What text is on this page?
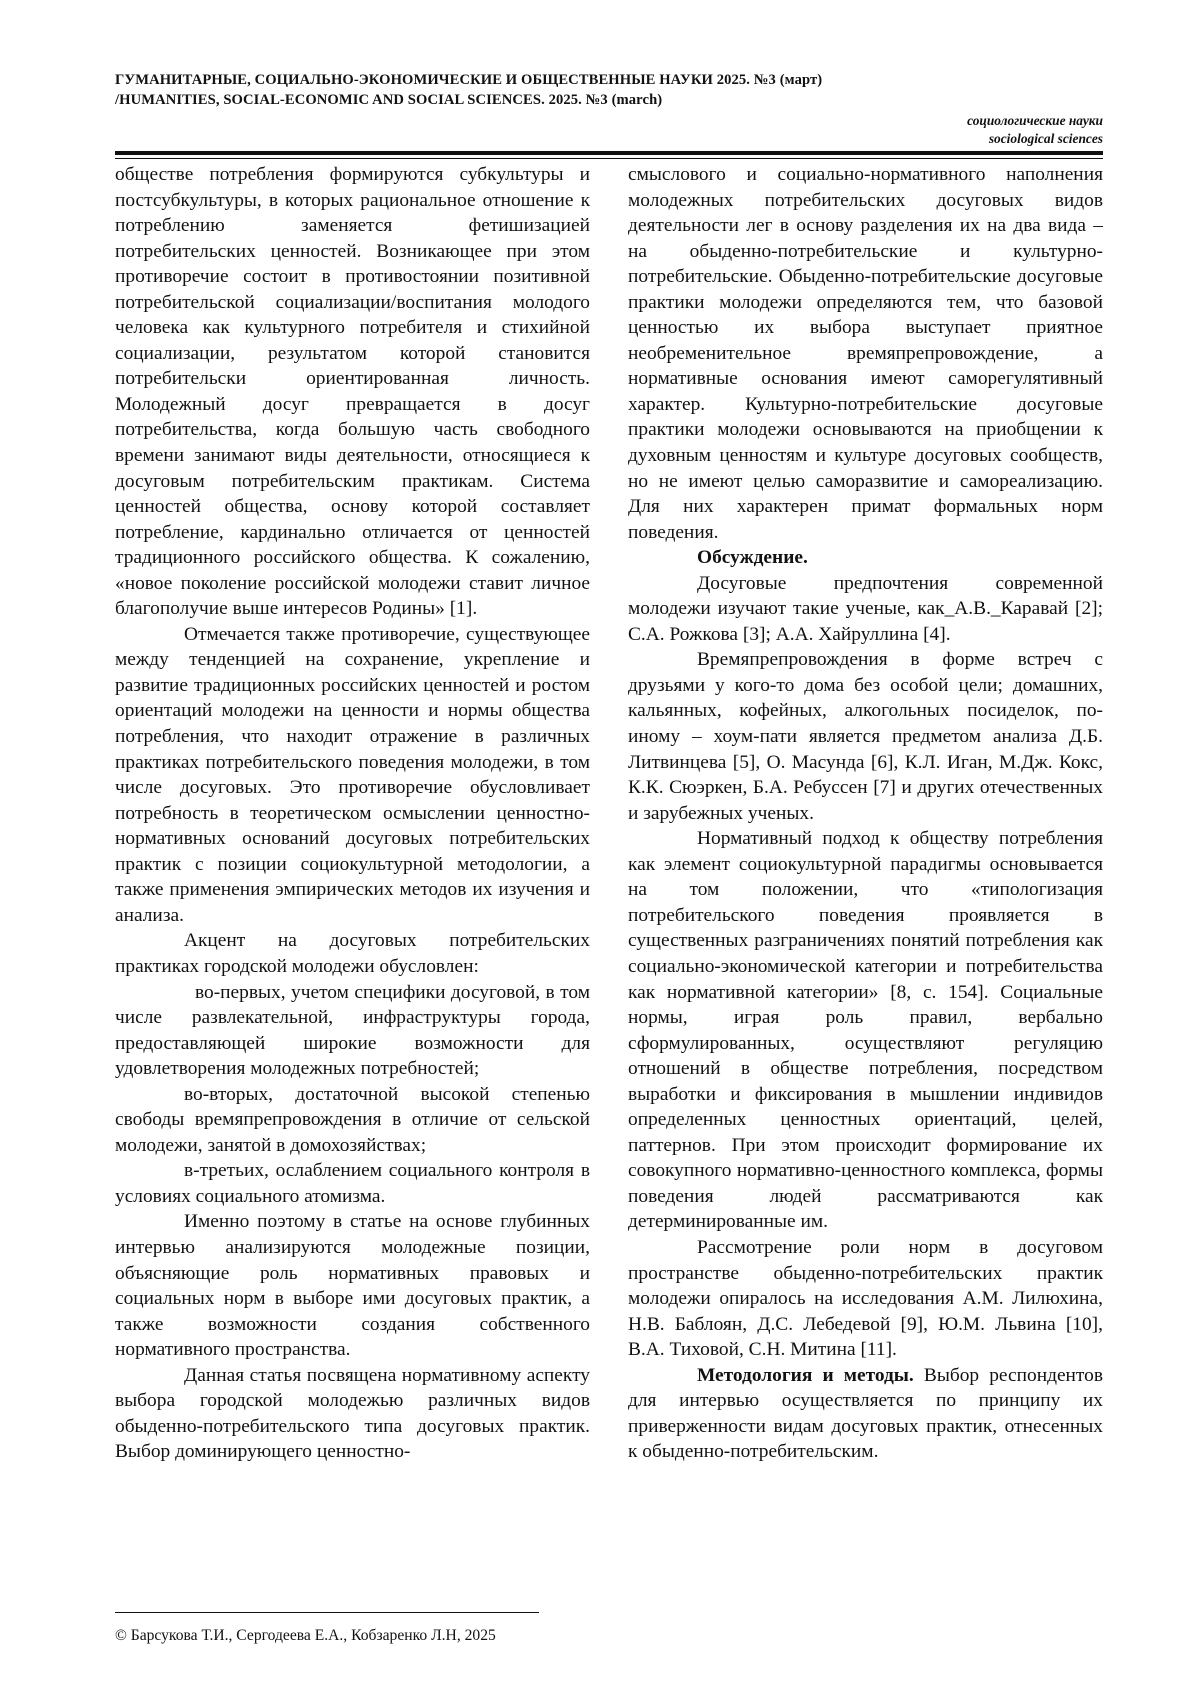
ГУМАНИТАРНЫЕ, СОЦИАЛЬНО-ЭКОНОМИЧЕСКИЕ И ОБЩЕСТВЕННЫЕ НАУКИ 2025. №3 (март)
/HUMANITIES, SOCIAL-ECONOMIC AND SOCIAL SCIENCES. 2025. №3 (march)
социологические науки
sociological sciences

обществе потребления формируются субкультуры и постсубкультуры, в которых рациональное отношение к потреблению заменяется фетишизацией потребительских ценностей. Возникающее при этом противоречие состоит в противостоянии позитивной потребительской социализации/воспитания молодого человека как культурного потребителя и стихийной социализации, результатом которой становится потребительски ориентированная личность. Молодежный досуг превращается в досуг потребительства, когда большую часть свободного времени занимают виды деятельности, относящиеся к досуговым потребительским практикам. Система ценностей общества, основу которой составляет потребление, кардинально отличается от ценностей традиционного российского общества. К сожалению, «новое поколение российской молодежи ставит личное благополучие выше интересов Родины» [1].

Отмечается также противоречие, существующее между тенденцией на сохранение, укрепление и развитие традиционных российских ценностей и ростом ориентаций молодежи на ценности и нормы общества потребления, что находит отражение в различных практиках потребительского поведения молодежи, в том числе досуговых. Это противоречие обусловливает потребность в теоретическом осмыслении ценностно-нормативных оснований досуговых потребительских практик с позиции социокультурной методологии, а также применения эмпирических методов их изучения и анализа.

Акцент на досуговых потребительских практиках городской молодежи обусловлен:

во-первых, учетом специфики досуговой, в том числе развлекательной, инфраструктуры города, предоставляющей широкие возможности для удовлетворения молодежных потребностей;

во-вторых, достаточной высокой степенью свободы времяпрепровождения в отличие от сельской молодежи, занятой в домохозяйствах;

в-третьих, ослаблением социального контроля в условиях социального атомизма.

Именно поэтому в статье на основе глубинных интервью анализируются молодежные позиции, объясняющие роль нормативных правовых и социальных норм в выборе ими досуговых практик, а также возможности создания собственного нормативного пространства.

Данная статья посвящена нормативному аспекту выбора городской молодежью различных видов обыденно-потребительского типа досуговых практик. Выбор доминирующего ценностно-

смыслового и социально-нормативного наполнения молодежных потребительских досуговых видов деятельности лег в основу разделения их на два вида – на обыденно-потребительские и культурно-потребительские. Обыденно-потребительские досуговые практики молодежи определяются тем, что базовой ценностью их выбора выступает приятное необременительное времяпрепровождение, а нормативные основания имеют саморегулятивный характер. Культурно-потребительские досуговые практики молодежи основываются на приобщении к духовным ценностям и культуре досуговых сообществ, но не имеют целью саморазвитие и самореализацию. Для них характерен примат формальных норм поведения.

Обсуждение.

Досуговые предпочтения современной молодежи изучают такие ученые, как_А.В._Каравай [2]; С.А. Рожкова [3]; А.А. Хайруллина [4].

Времяпрепровождения в форме встреч с друзьями у кого-то дома без особой цели; домашних, кальянных, кофейных, алкогольных посиделок, по-иному – хоум-пати является предметом анализа Д.Б. Литвинцева [5], О. Масунда [6], К.Л. Иган, М.Дж. Кокс, К.К. Сюэркен, Б.А. Ребуссен [7] и других отечественных и зарубежных ученых.

Нормативный подход к обществу потребления как элемент социокультурной парадигмы основывается на том положении, что «типологизация потребительского поведения проявляется в существенных разграничениях понятий потребления как социально-экономической категории и потребительства как нормативной категории» [8, с. 154]. Социальные нормы, играя роль правил, вербально сформулированных, осуществляют регуляцию отношений в обществе потребления, посредством выработки и фиксирования в мышлении индивидов определенных ценностных ориентаций, целей, паттернов. При этом происходит формирование их совокупного нормативно-ценностного комплекса, формы поведения людей рассматриваются как детерминированные им.

Рассмотрение роли норм в досуговом пространстве обыденно-потребительских практик молодежи опиралось на исследования А.М. Лилюхина, Н.В. Баблоян, Д.С. Лебедевой [9], Ю.М. Львина [10], В.А. Тиховой, С.Н. Митина [11].

Методология и методы. Выбор респондентов для интервью осуществляется по принципу их приверженности видам досуговых практик, отнесенных к обыденно-потребительским.

© Барсукова Т.И., Сергодеева Е.А., Кобзаренко Л.Н, 2025
